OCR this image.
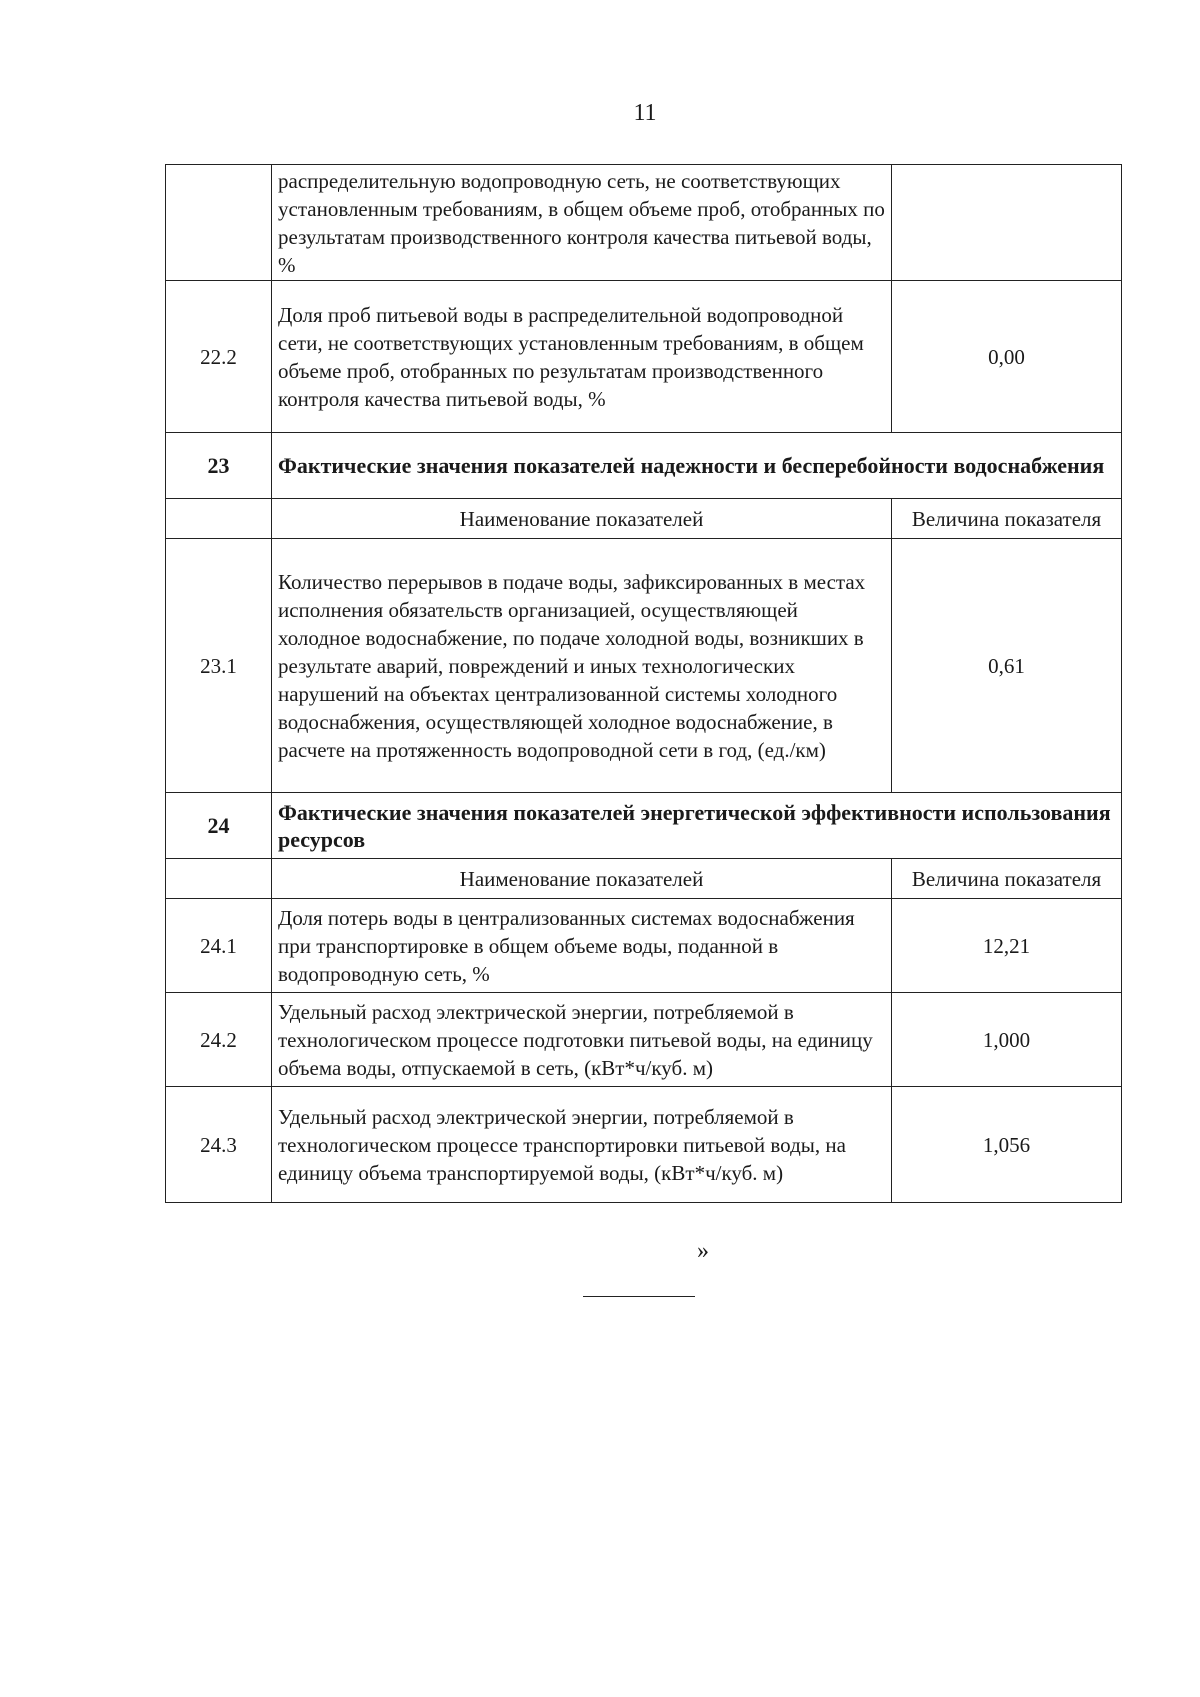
11
	распределительную водопроводную сеть, не соответствующих установленным требованиям, в общем объеме проб, отобранных по результатам производственного контроля качества питьевой воды, %	
22.2	Доля проб питьевой воды в распределительной водопроводной сети, не соответствующих установленным требованиям, в общем объеме проб, отобранных по результатам производственного контроля качества питьевой воды, %	0,00
23	Фактические значения показателей надежности и бесперебойности водоснабжения	
	Наименование показателей	Величина показателя
23.1	Количество перерывов в подаче воды, зафиксированных в местах исполнения обязательств организацией, осуществляющей холодное водоснабжение, по подаче холодной воды, возникших в результате аварий, повреждений и иных технологических нарушений на объектах централизованной системы холодного водоснабжения, осуществляющей холодное водоснабжение, в расчете на протяженность водопроводной сети в год, (ед./км)	0,61
24	Фактические значения показателей энергетической эффективности использования ресурсов	
	Наименование показателей	Величина показателя
24.1	Доля потерь воды в централизованных системах водоснабжения при транспортировке в общем объеме воды, поданной в водопроводную сеть, %	12,21
24.2	Удельный расход электрической энергии, потребляемой в технологическом процессе подготовки питьевой воды, на единицу объема воды, отпускаемой в сеть, (кВт*ч/куб. м)	1,000
24.3	Удельный расход электрической энергии, потребляемой в технологическом процессе транспортировки питьевой воды, на единицу объема транспортируемой воды, (кВт*ч/куб. м)	1,056
»
